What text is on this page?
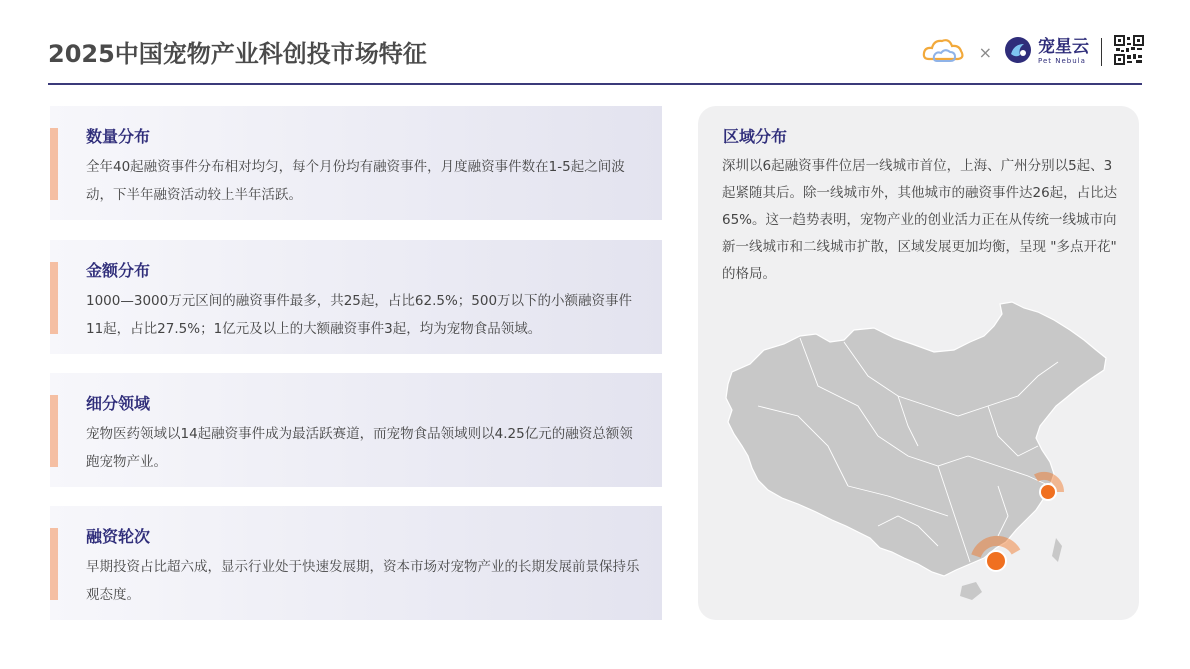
2025中国宠物产业科创投市场特征	×	宠星云
Pet Nebula
数量分布
全年40起融资事件分布相对均匀，每个月份均有融资事件，月度融资事件数在1-5起之间波动，下半年融资活动较上半年活跃。
金额分布
1000—3000万元区间的融资事件最多，共25起，占比62.5%；500万以下的小额融资事件11起，占比27.5%；1亿元及以上的大额融资事件3起，均为宠物食品领域。
细分领域
宠物医药领域以14起融资事件成为最活跃赛道，而宠物食品领域则以4.25亿元的融资总额领跑宠物产业。
融资轮次
早期投资占比超六成，显示行业处于快速发展期，资本市场对宠物产业的长期发展前景保持乐观态度。
区域分布
深圳以6起融资事件位居一线城市首位，上海、广州分别以5起、3起紧随其后。除一线城市外，其他城市的融资事件达26起，占比达65%。这一趋势表明，宠物产业的创业活力正在从传统一线城市向新一线城市和二线城市扩散，区域发展更加均衡，呈现 "多点开花" 的格局。
